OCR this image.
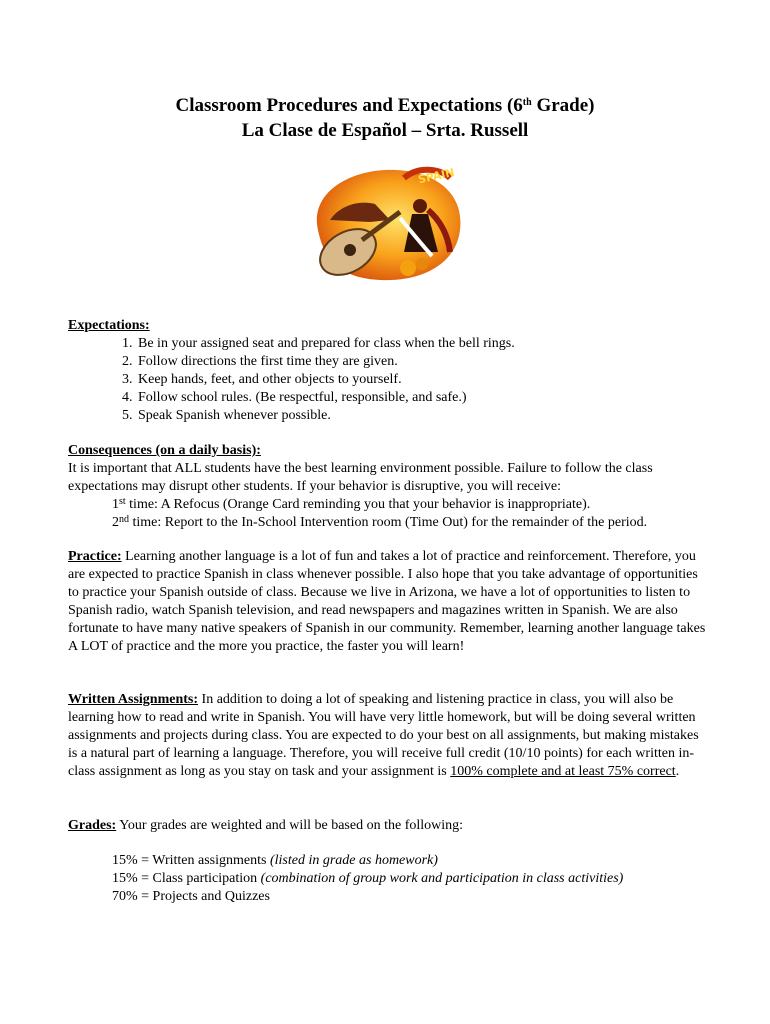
Classroom Procedures and Expectations (6th Grade)
La Clase de Español – Srta. Russell
SPAIN
Expectations:
1. Be in your assigned seat and prepared for class when the bell rings.
2. Follow directions the first time they are given.
3. Keep hands, feet, and other objects to yourself.
4. Follow school rules. (Be respectful, responsible, and safe.)
5. Speak Spanish whenever possible.
Consequences (on a daily basis):
It is important that ALL students have the best learning environment possible. Failure to follow the class expectations may disrupt other students. If your behavior is disruptive, you will receive:
1st time: A Refocus (Orange Card reminding you that your behavior is inappropriate).
2nd time: Report to the In-School Intervention room (Time Out) for the remainder of the period.
Practice: Learning another language is a lot of fun and takes a lot of practice and reinforcement. Therefore, you are expected to practice Spanish in class whenever possible. I also hope that you take advantage of opportunities to practice your Spanish outside of class. Because we live in Arizona, we have a lot of opportunities to listen to Spanish radio, watch Spanish television, and read newspapers and magazines written in Spanish. We are also fortunate to have many native speakers of Spanish in our community. Remember, learning another language takes A LOT of practice and the more you practice, the faster you will learn!
Written Assignments: In addition to doing a lot of speaking and listening practice in class, you will also be learning how to read and write in Spanish. You will have very little homework, but will be doing several written assignments and projects during class. You are expected to do your best on all assignments, but making mistakes is a natural part of learning a language. Therefore, you will receive full credit (10/10 points) for each written in-class assignment as long as you stay on task and your assignment is 100% complete and at least 75% correct.
Grades: Your grades are weighted and will be based on the following:
15% = Written assignments (listed in grade as homework)
15% = Class participation (combination of group work and participation in class activities)
70% = Projects and Quizzes
